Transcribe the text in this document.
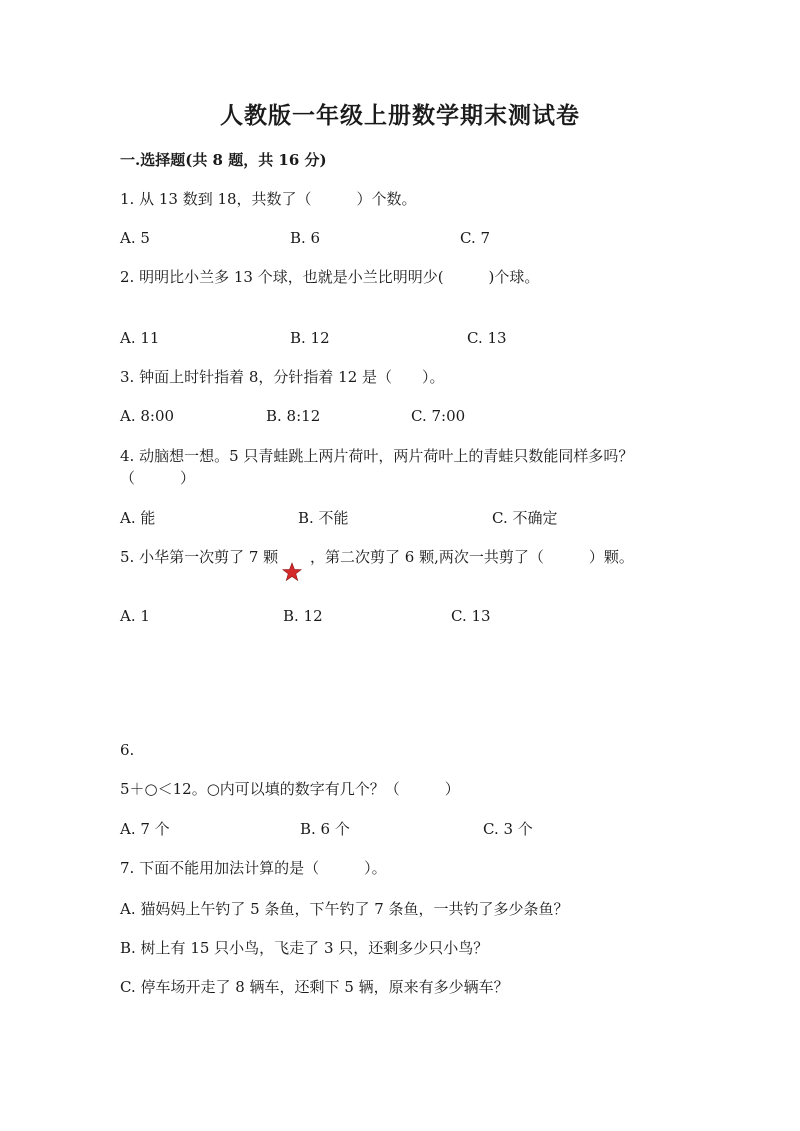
人教版一年级上册数学期末测试卷
一.选择题(共 8 题，共 16 分)
1. 从 13 数到 18，共数了（　　　）个数。
A. 5	B. 6	C. 7
2. 明明比小兰多 13 个球，也就是小兰比明明少(　　　)个球。
A. 11	B. 12	C. 13
3. 钟面上时针指着 8，分针指着 12 是（　　）。
A. 8:00	B. 8:12	C. 7:00
4. 动脑想一想。5 只青蛙跳上两片荷叶，两片荷叶上的青蛙只数能同样多吗？
（　　　）
A. 能	B. 不能	C. 不确定
5. 小华第一次剪了 7 颗 ，第二次剪了 6 颗,两次一共剪了（　　　）颗。
A. 1	B. 12	C. 13
6.
5＋○＜12。○内可以填的数字有几个？（　　　）
A. 7 个	B. 6 个	C. 3 个
7. 下面不能用加法计算的是（　　　）。
A. 猫妈妈上午钓了 5 条鱼，下午钓了 7 条鱼，一共钓了多少条鱼？
B. 树上有 15 只小鸟，飞走了 3 只，还剩多少只小鸟？
C. 停车场开走了 8 辆车，还剩下 5 辆，原来有多少辆车？
